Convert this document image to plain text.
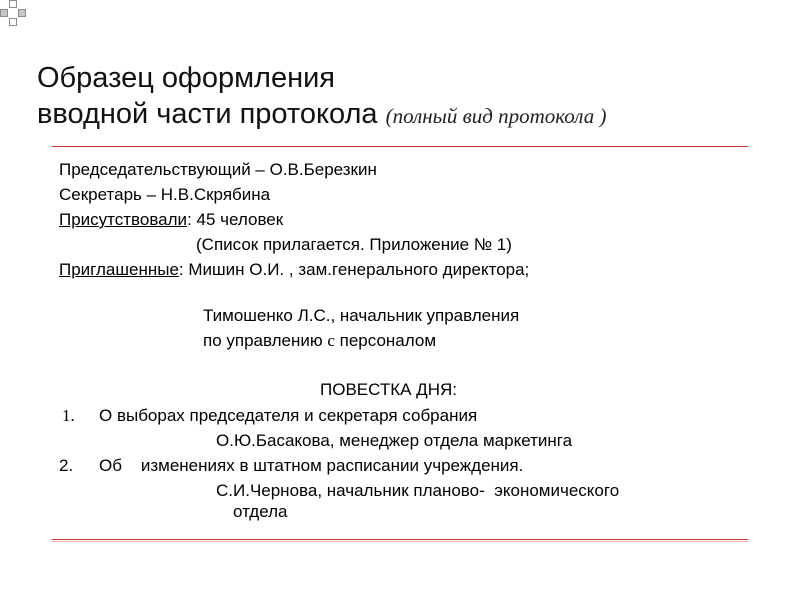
Образец оформления
вводной части протокола (полный вид протокола )
Председательствующий – О.В.Березкин
Секретарь – Н.В.Скрябина
Присутствовали: 45 человек
(Список прилагается. Приложение № 1)
Приглашенные: Мишин О.И. , зам.генерального директора;
Тимошенко Л.С., начальник управления
по управлению с персоналом
ПОВЕСТКА ДНЯ:
1. О выборах председателя и секретаря собрания
О.Ю.Басакова, менеджер отдела маркетинга
2. Об    изменениях в штатном расписании учреждения.
С.И.Чернова, начальник планово-  экономического
отдела
